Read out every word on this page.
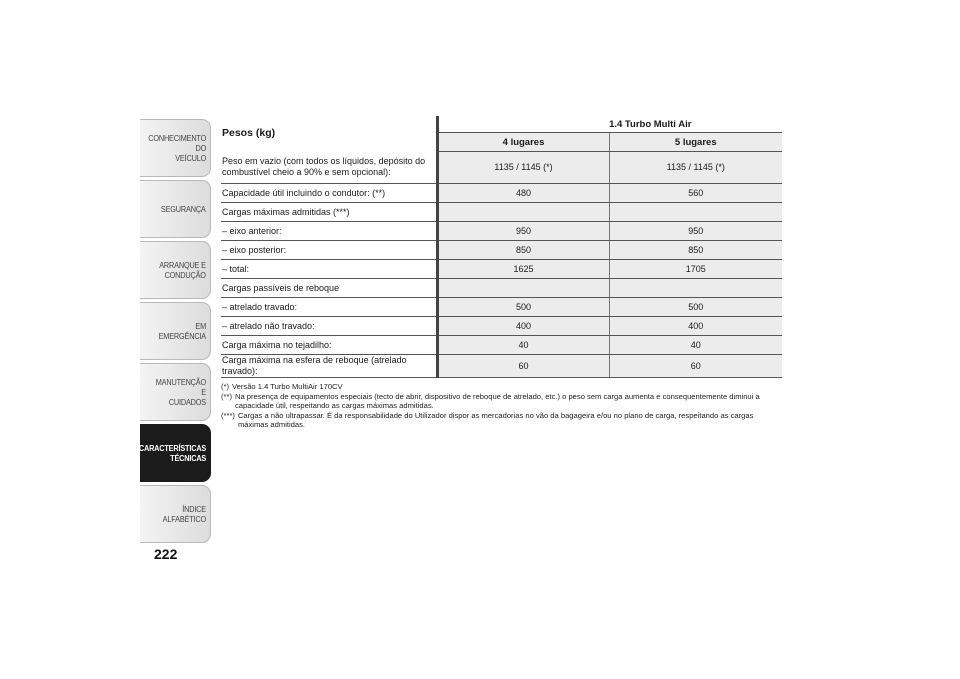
CONHECIMENTO DO
VEÍCULO
SEGURANÇA
ARRANQUE E
CONDUÇÃO
EM EMERGÊNCIA
MANUTENÇÃO E
CUIDADOS
CARACTERÍSTICAS
TÉCNICAS
ÍNDICE ALFABÉTICO
222
Pesos (kg)	1.4 Turbo Multi Air	
	4 lugares	5 lugares
Peso em vazio (com todos os líquidos, depósito do combustível cheio a 90% e sem opcional):	1135 / 1145 (*)	1135 / 1145 (*)
Capacidade útil incluindo o condutor: (**)	480	560
Cargas máximas admitidas (***)		
– eixo anterior:	950	950
– eixo posterior:	850	850
– total:	1625	1705
Cargas passíveis de reboque		
– atrelado travado:	500	500
– atrelado não travado:	400	400
Carga máxima no tejadilho:	40	40
Carga máxima na esfera de reboque (atrelado travado):	60	60
(*) Versão 1.4 Turbo MultiAir 170CV
(**) Na presença de equipamentos especiais (tecto de abrir, dispositivo de reboque de atrelado, etc.) o peso sem carga aumenta e consequentemente diminui a capacidade útil, respeitando as cargas máximas admitidas.
(***) Cargas a não ultrapassar. É da responsabilidade do Utilizador dispor as mercadorias no vão da bagageira e/ou no plano de carga, respeitando as cargas máximas admitidas.
